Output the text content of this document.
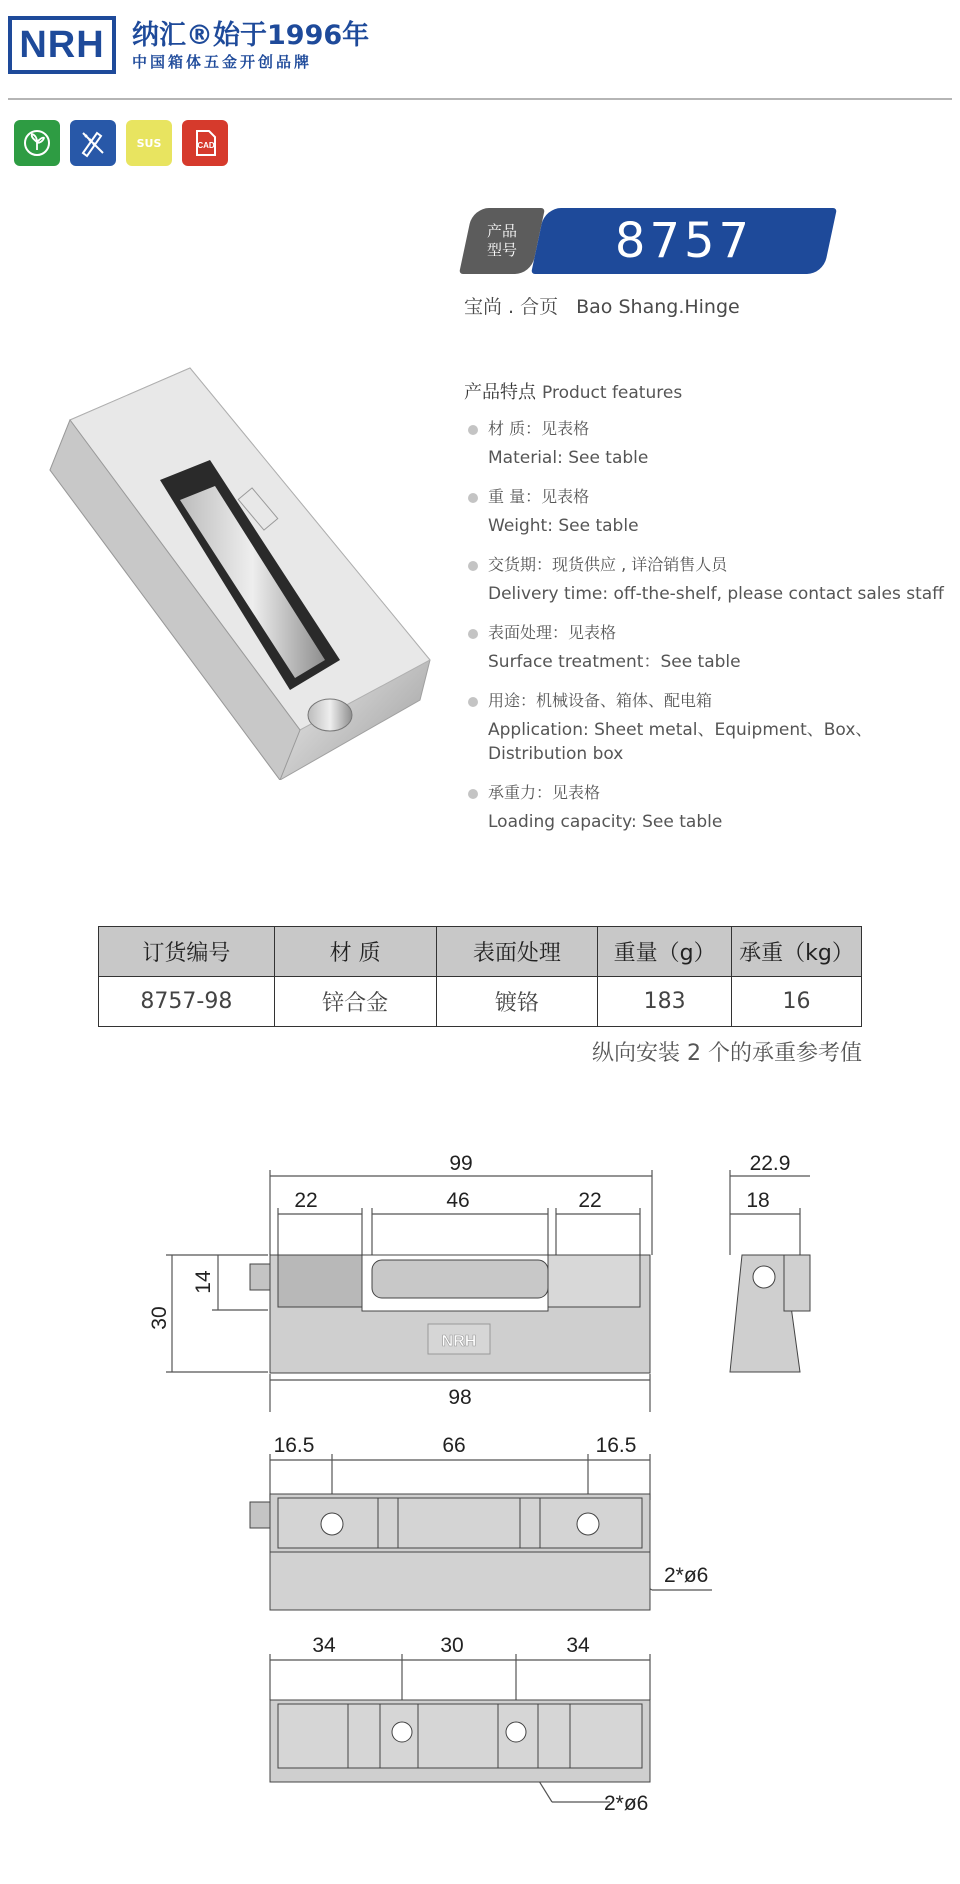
NRH 纳汇®始于1996年
中国箱体五金开创品牌
SUS	CAD
产品
型号	8757
宝尚 . 合页 Bao Shang.Hinge
产品特点 Product features
材 质：见表格
Material: See table
重 量：见表格
Weight: See table
交货期：现货供应 , 详洽销售人员
Delivery time: off-the-shelf, please contact sales staff
表面处理：见表格
Surface treatment：See table
用途：机械设备、箱体、配电箱
Application: Sheet metal、Equipment、Box、Distribution box
承重力：见表格
Loading capacity: See table
订货编号	材 质	表面处理	重量（g）	承重（kg）
8757-98	锌合金	镀铬	183	16
纵向安装 2 个的承重参考值
NRH
99
22	46	22
30
14
98
22.9
18
16.5	66	16.5
2*ø6
34	30	34
2*ø6
